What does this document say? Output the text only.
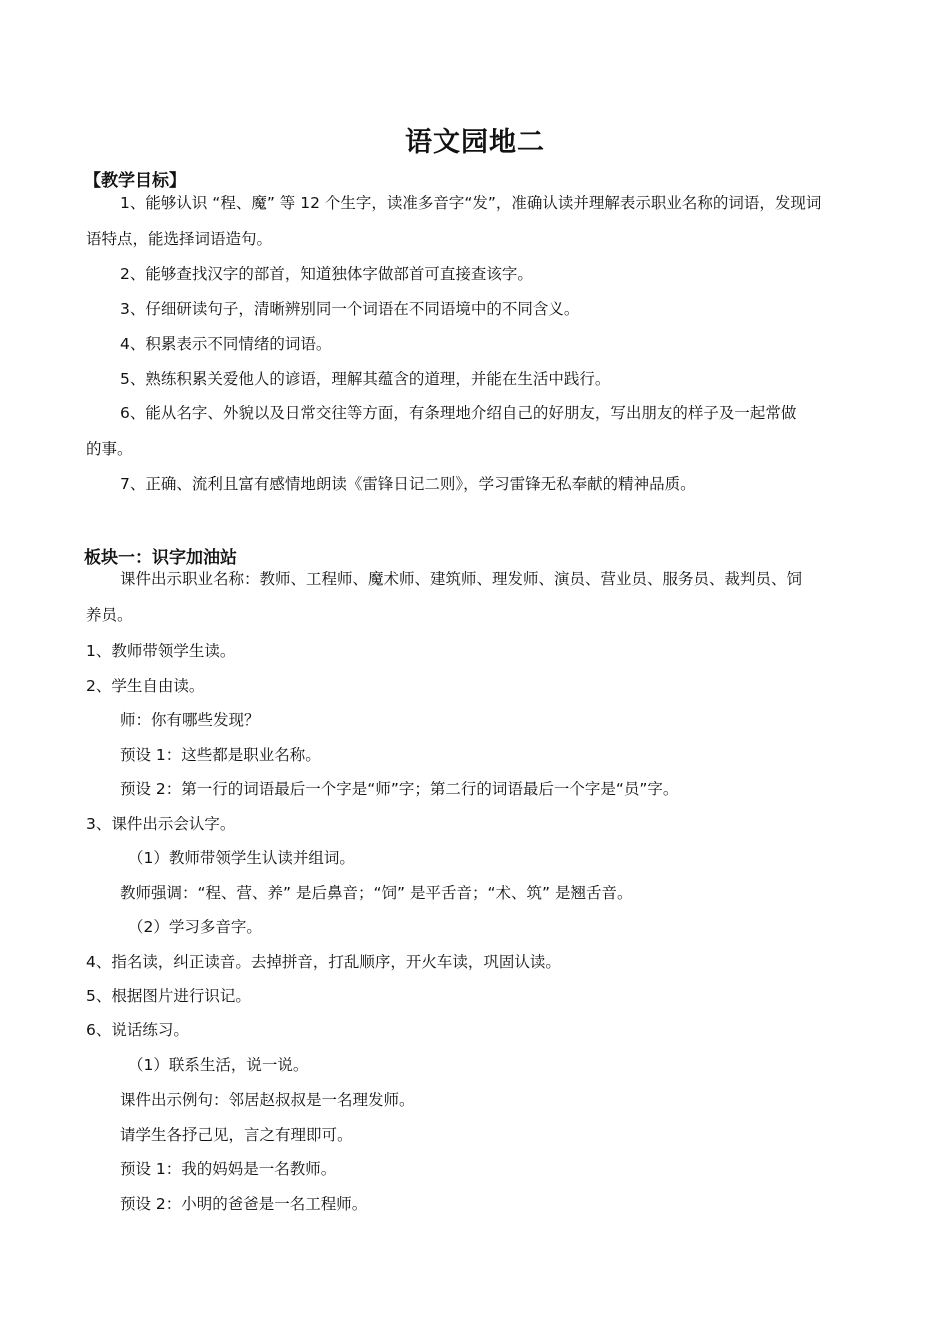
语文园地二
【教学目标】

1、能够认识 “程、魔” 等 12 个生字，读准多音字“发”，准确认读并理解表示职业名称的词语，发现词

语特点，能选择词语造句。

2、能够查找汉字的部首，知道独体字做部首可直接查该字。

3、仔细研读句子，清晰辨别同一个词语在不同语境中的不同含义。

4、积累表示不同情绪的词语。

5、熟练积累关爱他人的谚语，理解其蕴含的道理，并能在生活中践行。

6、能从名字、外貌以及日常交往等方面，有条理地介绍自己的好朋友，写出朋友的样子及一起常做

的事。

7、正确、流利且富有感情地朗读《雷锋日记二则》，学习雷锋无私奉献的精神品质。

板块一：识字加油站

课件出示职业名称：教师、工程师、魔术师、建筑师、理发师、演员、营业员、服务员、裁判员、饲

养员。

1、教师带领学生读。

2、学生自由读。

师：你有哪些发现？

预设 1：这些都是职业名称。

预设 2：第一行的词语最后一个字是“师”字；第二行的词语最后一个字是“员”字。

3、课件出示会认字。

（1）教师带领学生认读并组词。

教师强调：“程、营、养” 是后鼻音；“饲” 是平舌音；“术、筑” 是翘舌音。

（2）学习多音字。

4、指名读，纠正读音。去掉拼音，打乱顺序，开火车读，巩固认读。

5、根据图片进行识记。

6、说话练习。

（1）联系生活，说一说。

课件出示例句：邻居赵叔叔是一名理发师。

请学生各抒己见，言之有理即可。

预设 1：我的妈妈是一名教师。

预设 2：小明的爸爸是一名工程师。
